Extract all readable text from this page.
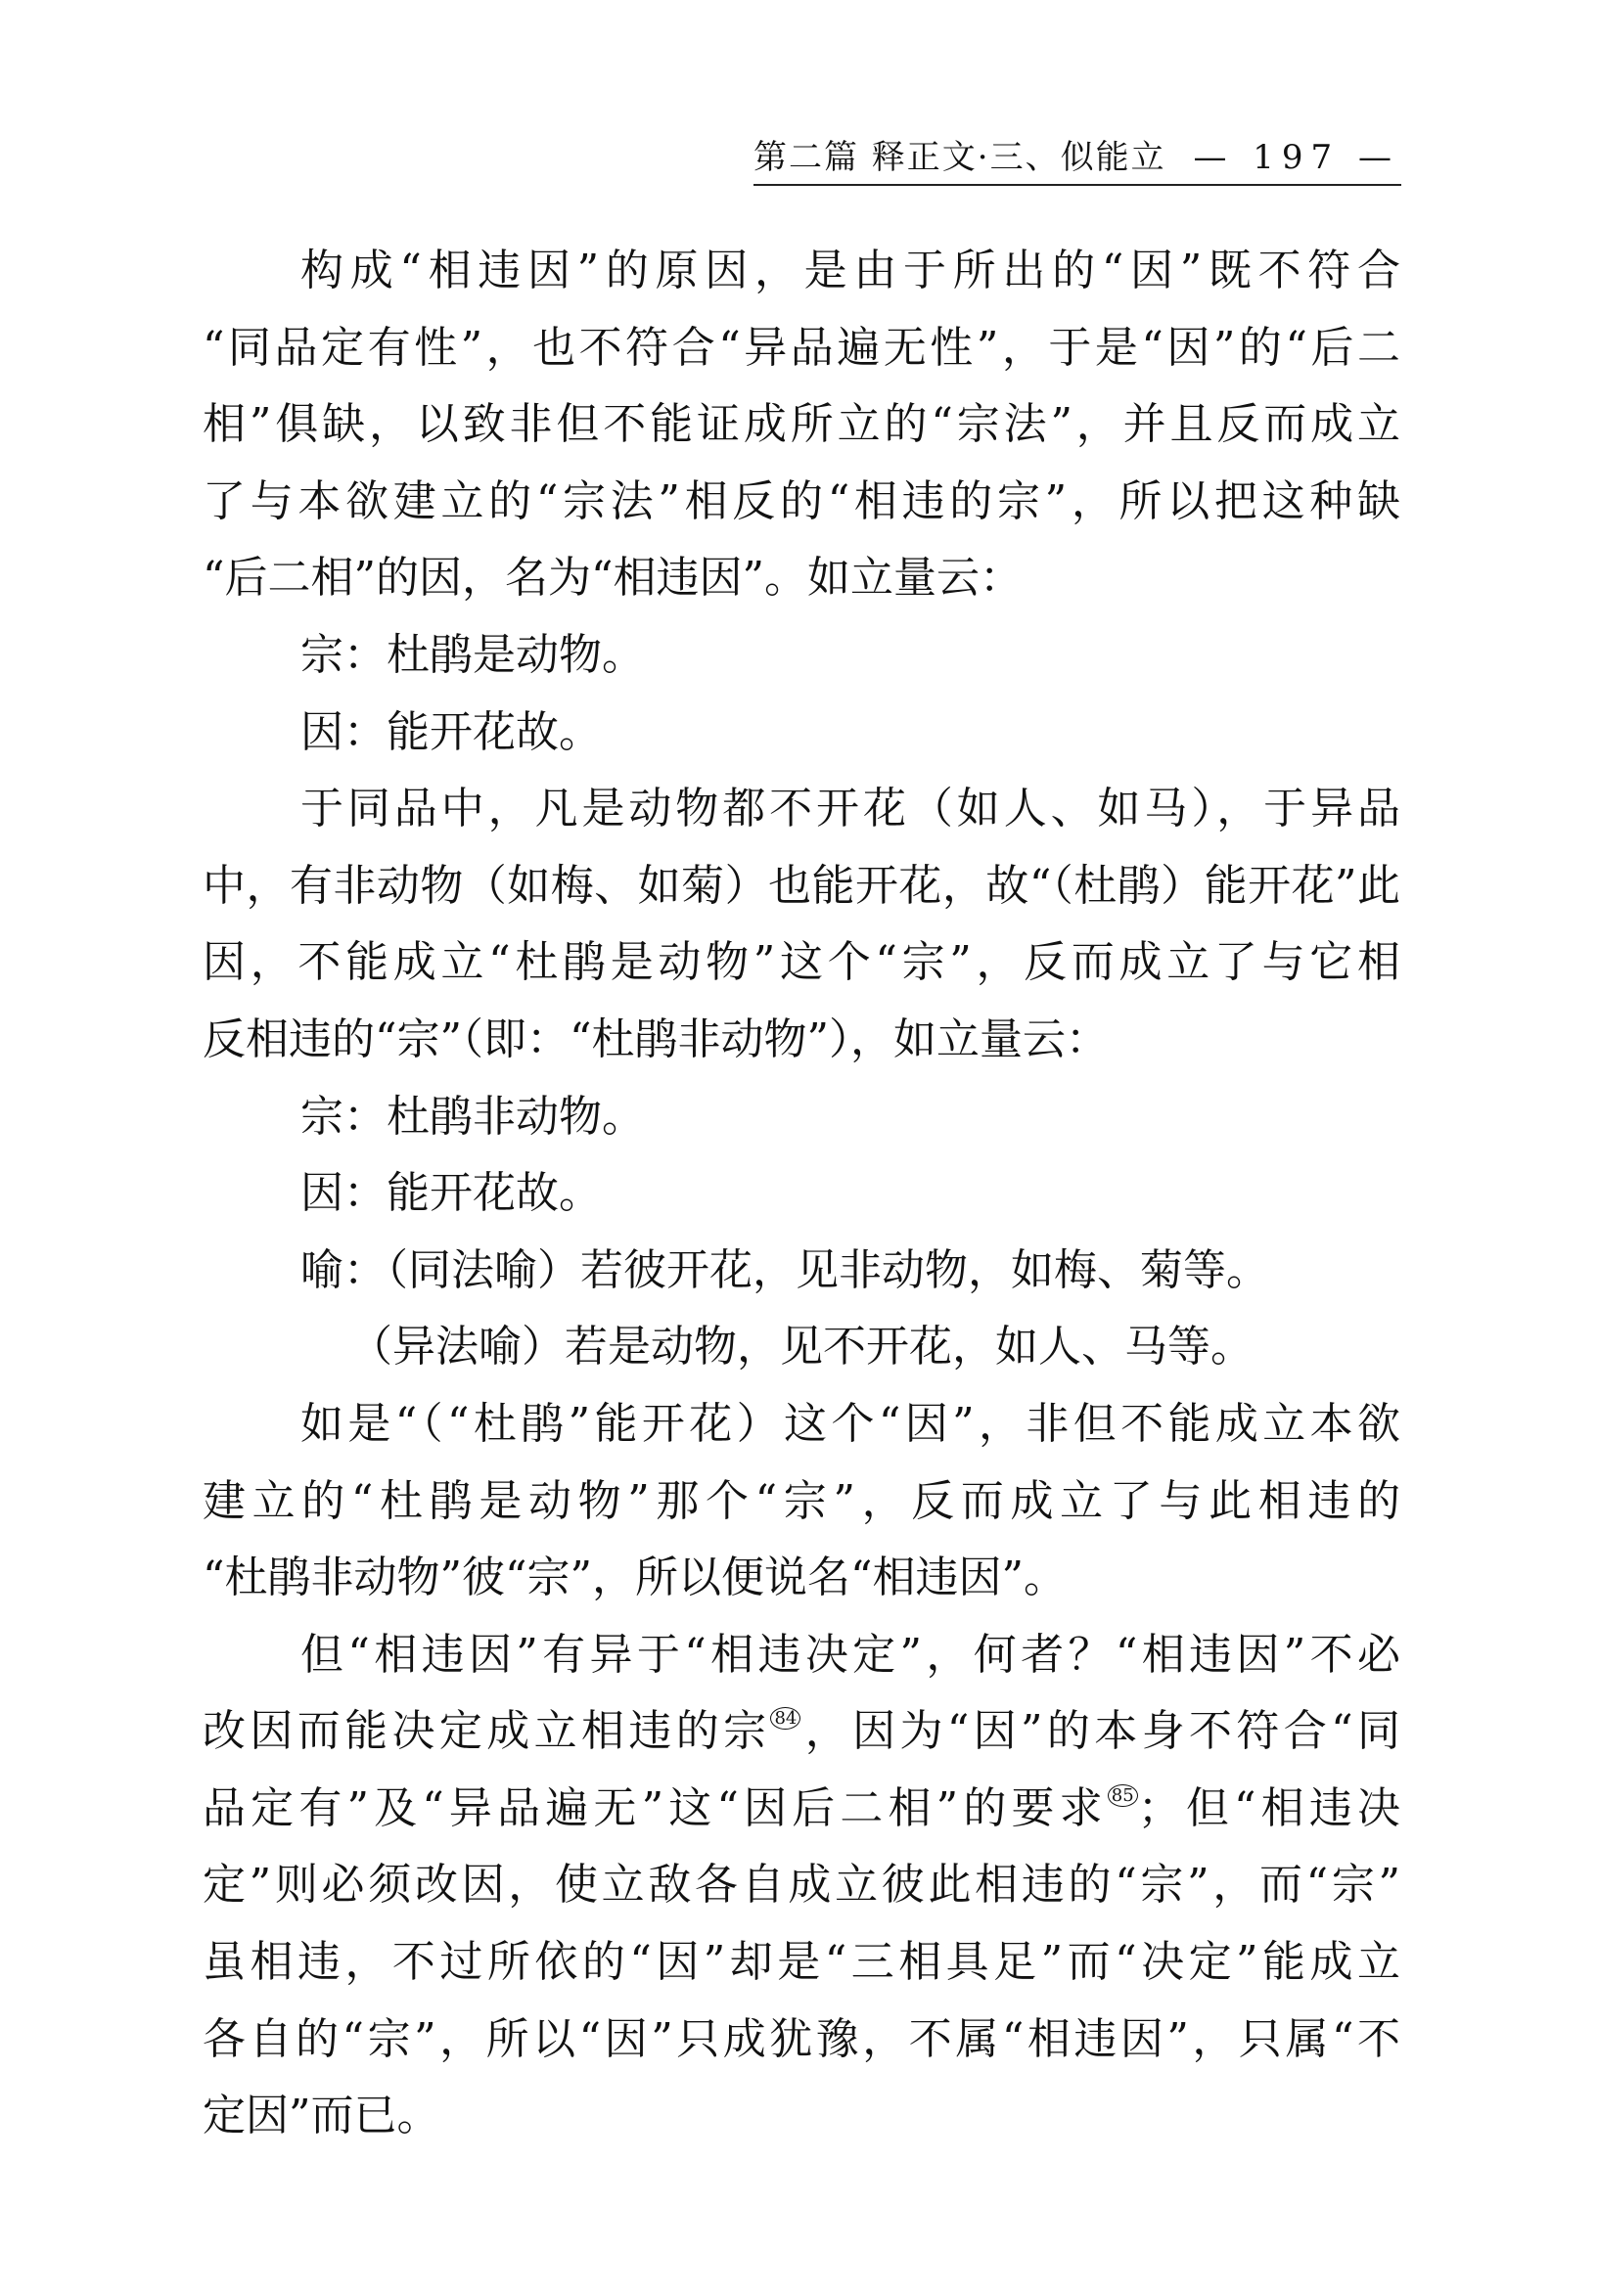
第二篇 释正文·三、似能立 — 197 —
构成“相违因”的原因，是由于所出的“因”既不符合
“同品定有性”，也不符合“异品遍无性”，于是“因”的“后二
相”俱缺，以致非但不能证成所立的“宗法”，并且反而成立
了与本欲建立的“宗法”相反的“相违的宗”，所以把这种缺
“后二相”的因，名为“相违因”。如立量云：
宗：杜鹃是动物。
因：能开花故。
于同品中，凡是动物都不开花（如人、如马），于异品
中，有非动物（如梅、如菊）也能开花，故“（杜鹃）能开花”此
因，不能成立“杜鹃是动物”这个“宗”，反而成立了与它相
反相违的“宗”（即：“杜鹃非动物”），如立量云：
宗：杜鹃非动物。
因：能开花故。
喻：（同法喻）若彼开花，见非动物，如梅、菊等。
（异法喻）若是动物，见不开花，如人、马等。
如是“（“杜鹃”能开花）这个“因”，非但不能成立本欲
建立的“杜鹃是动物”那个“宗”，反而成立了与此相违的
“杜鹃非动物”彼“宗”，所以便说名“相违因”。
但“相违因”有异于“相违决定”，何者？“相违因”不必
改因而能决定成立相违的宗 $^{84}$，因为“因”的本身不符合“同
品定有”及“异品遍无”这“因后二相”的要求 $^{85}$；但“相违决
定”则必须改因，使立敌各自成立彼此相违的“宗”，而“宗”
虽相违，不过所依的“因”却是“三相具足”而“决定”能成立
各自的“宗”，所以“因”只成犹豫，不属“相违因”，只属“不
定因”而已。
